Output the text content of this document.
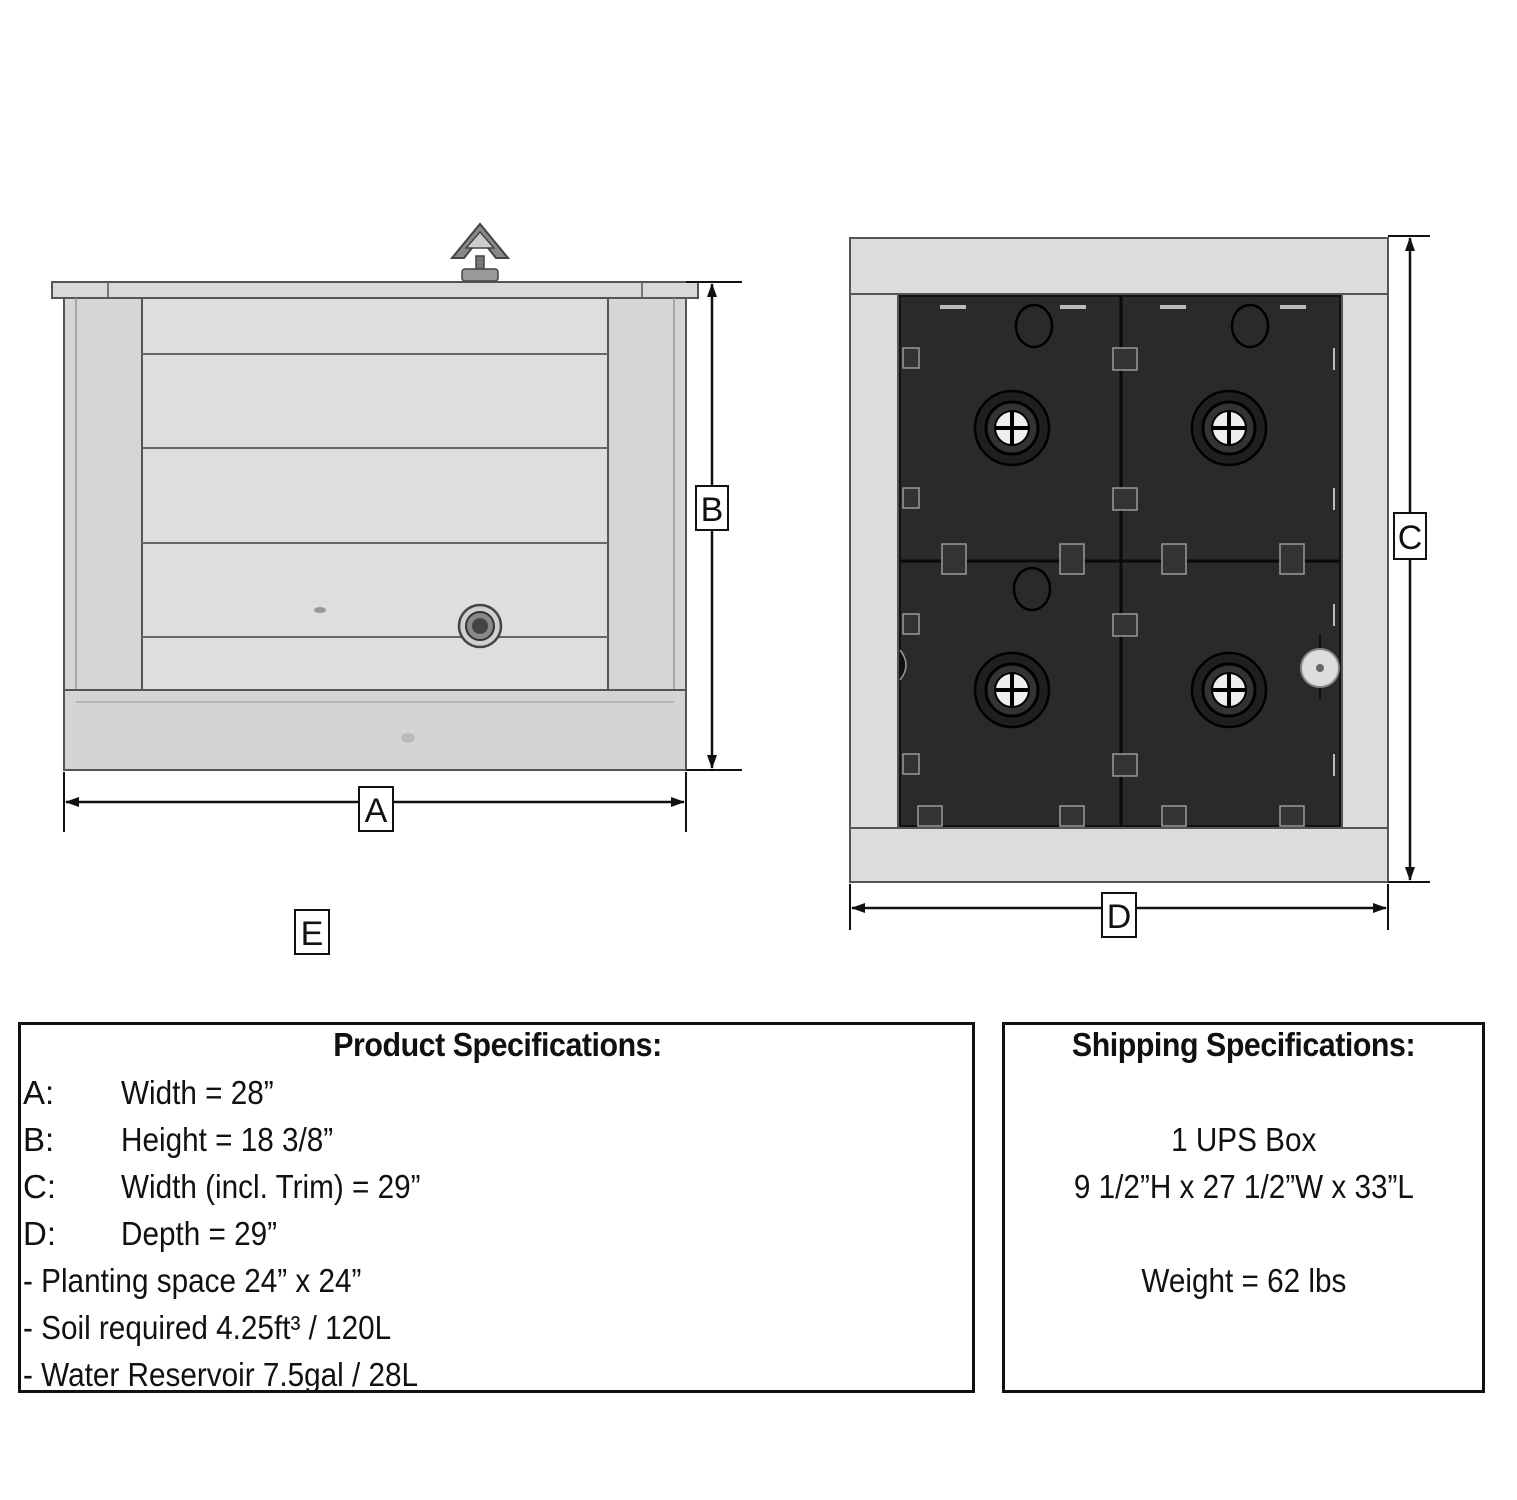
B
A
E
C
D
Product Specifications:
A:	Width = 28”
B:	Height = 18 3/8”
C:	Width (incl. Trim) = 29”
D:	Depth = 29”
- Planting space 24” x 24”
- Soil required 4.25ft³ / 120L
- Water Reservoir 7.5gal / 28L
Shipping Specifications:
1 UPS Box
9 1/2”H x 27 1/2”W x 33”L
Weight = 62 lbs
